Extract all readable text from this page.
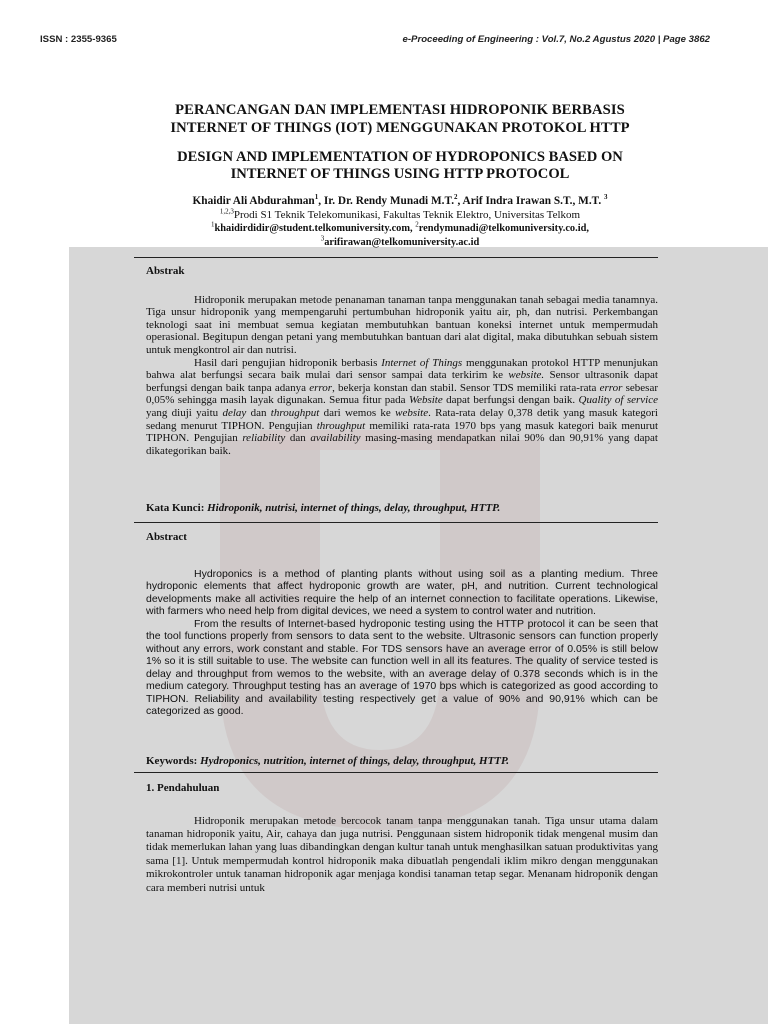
ISSN : 2355-9365	e-Proceeding of Engineering : Vol.7, No.2 Agustus 2020 | Page 3862
PERANCANGAN DAN IMPLEMENTASI HIDROPONIK BERBASIS
INTERNET OF THINGS (IOT) MENGGUNAKAN PROTOKOL HTTP
DESIGN AND IMPLEMENTATION OF HYDROPONICS BASED ON
INTERNET OF THINGS USING HTTP PROTOCOL
Khaidir Ali Abdurahman$^1$, Ir. Dr. Rendy Munadi M.T.$^2$, Arif Indra Irawan S.T., M.T. $^3$
$^{1,2,3}$Prodi S1 Teknik Telekomunikasi, Fakultas Teknik Elektro, Universitas Telkom
$^1$khaidirdidir@student.telkomuniversity.com, $^2$rendymunadi@telkomuniversity.co.id,
$^3$arifirawan@telkomuniversity.ac.id
Abstrak

Hidroponik merupakan metode penanaman tanaman tanpa menggunakan tanah sebagai media tanamnya. Tiga unsur hidroponik yang mempengaruhi pertumbuhan hidroponik yaitu air, ph, dan nutrisi. Perkembangan teknologi saat ini membuat semua kegiatan membutuhkan bantuan koneksi internet untuk mempermudah operasional. Begitupun dengan petani yang membutuhkan bantuan dari alat digital, maka dibutuhkan sebuah sistem untuk mengkontrol air dan nutrisi.

Hasil dari pengujian hidroponik berbasis Internet of Things menggunakan protokol HTTP menunjukan bahwa alat berfungsi secara baik mulai dari sensor sampai data terkirim ke website. Sensor ultrasonik dapat berfungsi dengan baik tanpa adanya error, bekerja konstan dan stabil. Sensor TDS memiliki rata-rata error sebesar 0,05% sehingga masih layak digunakan. Semua fitur pada Website dapat berfungsi dengan baik. Quality of service yang diuji yaitu delay dan throughput dari wemos ke website. Rata-rata delay 0,378 detik yang masuk kategori sedang menurut TIPHON. Pengujian throughput memiliki rata-rata 1970 bps yang masuk kategori baik menurut TIPHON. Pengujian reliability dan availability masing-masing mendapatkan nilai 90% dan 90,91% yang dapat dikategorikan baik.

Kata Kunci: Hidroponik, nutrisi, internet of things, delay, throughput, HTTP.
Abstract

Hydroponics is a method of planting plants without using soil as a planting medium. Three hydroponic elements that affect hydroponic growth are water, pH, and nutrition. Current technological developments make all activities require the help of an internet connection to facilitate operations. Likewise, with farmers who need help from digital devices, we need a system to control water and nutrition.

From the results of Internet-based hydroponic testing using the HTTP protocol it can be seen that the tool functions properly from sensors to data sent to the website. Ultrasonic sensors can function properly without any errors, work constant and stable. For TDS sensors have an average error of 0.05% is still below 1% so it is still suitable to use. The website can function well in all its features. The quality of service tested is delay and throughput from wemos to the website, with an average delay of 0.378 seconds which is in the medium category. Throughput testing has an average of 1970 bps which is categorized as good according to TIPHON. Reliability and availability testing respectively get a value of 90% and 90,91% which can be categorized as good.

Keywords: Hydroponics, nutrition, internet of things, delay, throughput, HTTP.
1. Pendahuluan

Hidroponik merupakan metode bercocok tanam tanpa menggunakan tanah. Tiga unsur utama dalam tanaman hidroponik yaitu, Air, cahaya dan juga nutrisi. Penggunaan sistem hidroponik tidak mengenal musim dan tidak memerlukan lahan yang luas dibandingkan dengan kultur tanah untuk menghasilkan satuan produktivitas yang sama [1]. Untuk mempermudah kontrol hidroponik maka dibuatlah pengendali iklim mikro dengan menggunakan mikrokontroler untuk tanaman hidroponik agar menjaga kondisi tanaman tetap segar. Menanam hidroponik dengan cara memberi nutrisi untuk
